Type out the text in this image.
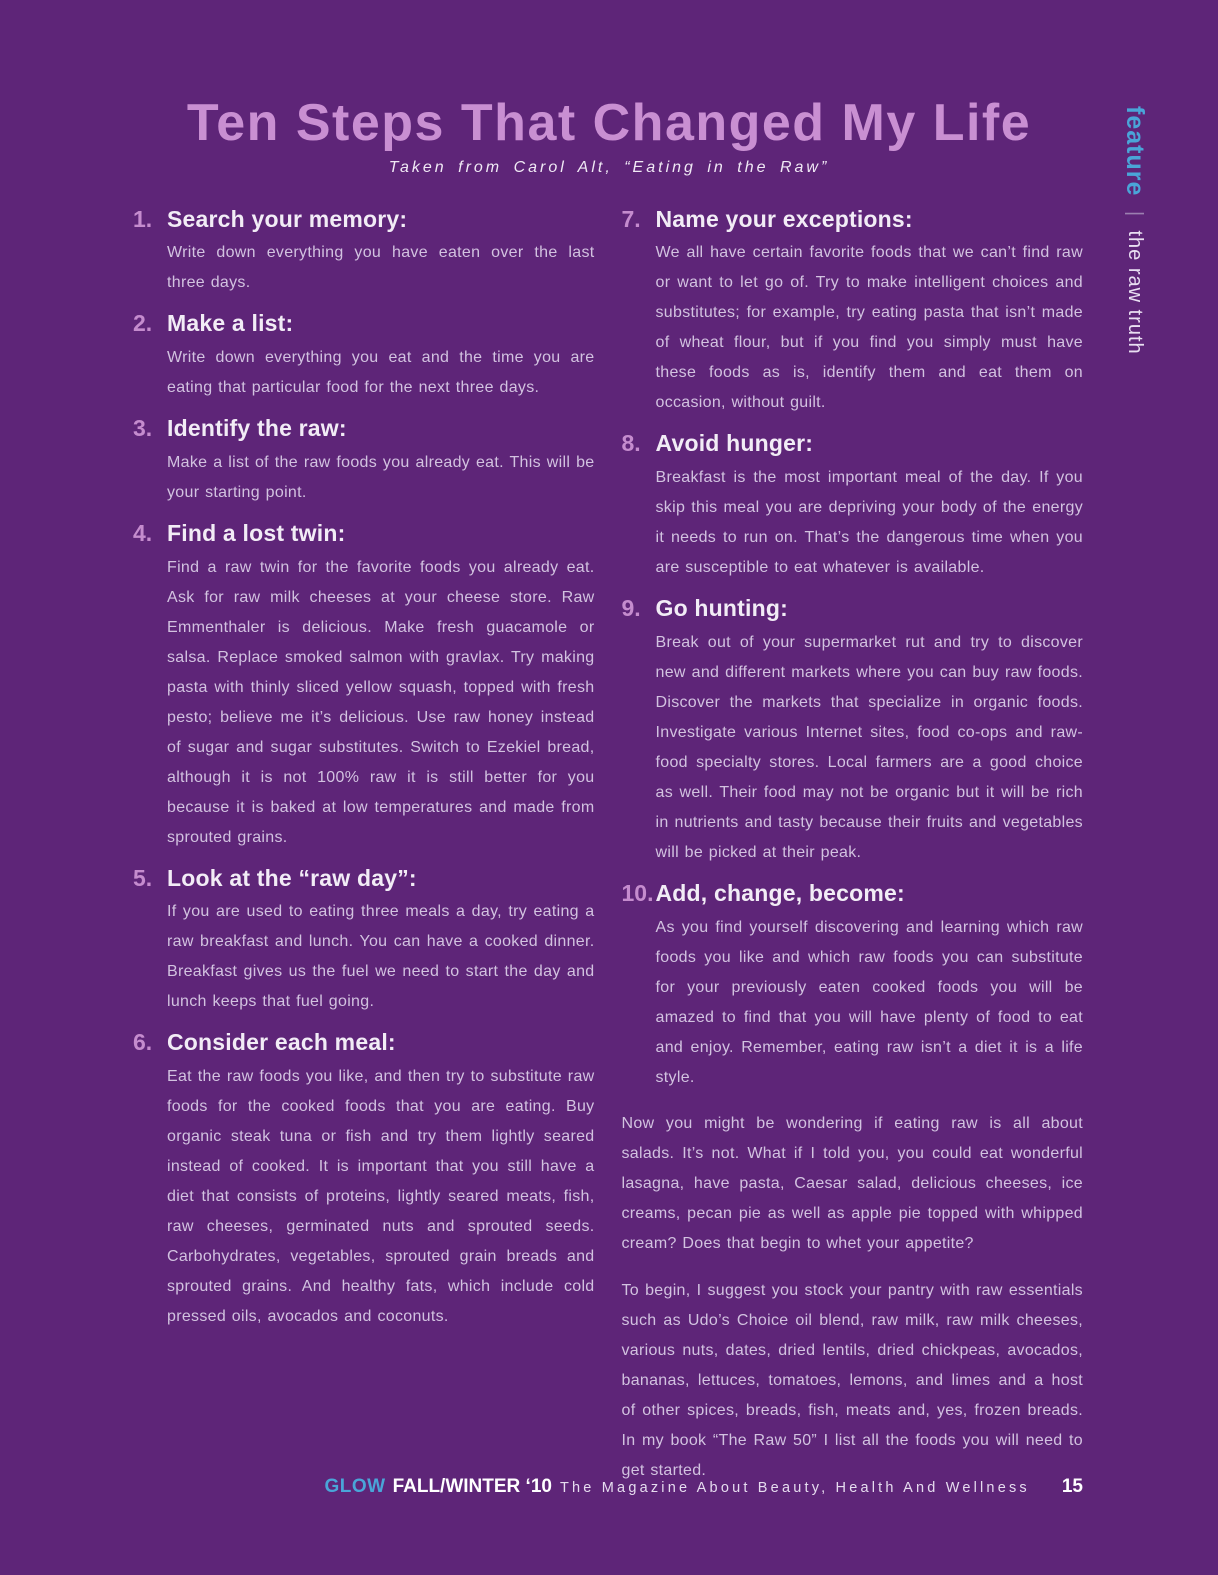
feature | the raw truth
Ten Steps That Changed My Life
Taken from Carol Alt, “Eating in the Raw”
1. Search your memory:

Write down everything you have eaten over the last three days.

2. Make a list:

Write down everything you eat and the time you are eating that particular food for the next three days.

3. Identify the raw:

Make a list of the raw foods you already eat. This will be your starting point.

4. Find a lost twin:

Find a raw twin for the favorite foods you already eat. Ask for raw milk cheeses at your cheese store. Raw Emmenthaler is delicious. Make fresh guacamole or salsa. Replace smoked salmon with gravlax. Try making pasta with thinly sliced yellow squash, topped with fresh pesto; believe me it’s delicious. Use raw honey instead of sugar and sugar substitutes. Switch to Ezekiel bread, although it is not 100% raw it is still better for you because it is baked at low temperatures and made from sprouted grains.

5. Look at the “raw day”:

If you are used to eating three meals a day, try eating a raw breakfast and lunch. You can have a cooked dinner. Breakfast gives us the fuel we need to start the day and lunch keeps that fuel going.

6. Consider each meal:

Eat the raw foods you like, and then try to substitute raw foods for the cooked foods that you are eating. Buy organic steak tuna or fish and try them lightly seared instead of cooked. It is important that you still have a diet that consists of proteins, lightly seared meats, fish, raw cheeses, germinated nuts and sprouted seeds. Carbohydrates, vegetables, sprouted grain breads and sprouted grains. And healthy fats, which include cold pressed oils, avocados and coconuts.

7. Name your exceptions:

We all have certain favorite foods that we can’t find raw or want to let go of. Try to make intelligent choices and substitutes; for example, try eating pasta that isn’t made of wheat flour, but if you find you simply must have these foods as is, identify them and eat them on occasion, without guilt.

8. Avoid hunger:

Breakfast is the most important meal of the day. If you skip this meal you are depriving your body of the energy it needs to run on. That’s the dangerous time when you are susceptible to eat whatever is available.

9. Go hunting:

Break out of your supermarket rut and try to discover new and different markets where you can buy raw foods. Discover the markets that specialize in organic foods. Investigate various Internet sites, food co-ops and raw-food specialty stores. Local farmers are a good choice as well. Their food may not be organic but it will be rich in nutrients and tasty because their fruits and vegetables will be picked at their peak.

10. Add, change, become:

As you find yourself discovering and learning which raw foods you like and which raw foods you can substitute for your previously eaten cooked foods you will be amazed to find that you will have plenty of food to eat and enjoy. Remember, eating raw isn’t a diet it is a life style.

Now you might be wondering if eating raw is all about salads. It’s not. What if I told you, you could eat wonderful lasagna, have pasta, Caesar salad, delicious cheeses, ice creams, pecan pie as well as apple pie topped with whipped cream? Does that begin to whet your appetite?

To begin, I suggest you stock your pantry with raw essentials such as Udo’s Choice oil blend, raw milk, raw milk cheeses, various nuts, dates, dried lentils, dried chickpeas, avocados, bananas, lettuces, tomatoes, lemons, and limes and a host of other spices, breads, fish, meats and, yes, frozen breads. In my book “The Raw 50” I list all the foods you will need to get started.

GLOW FALL/WINTER ‘10 The Magazine About Beauty, Health And Wellness 15
